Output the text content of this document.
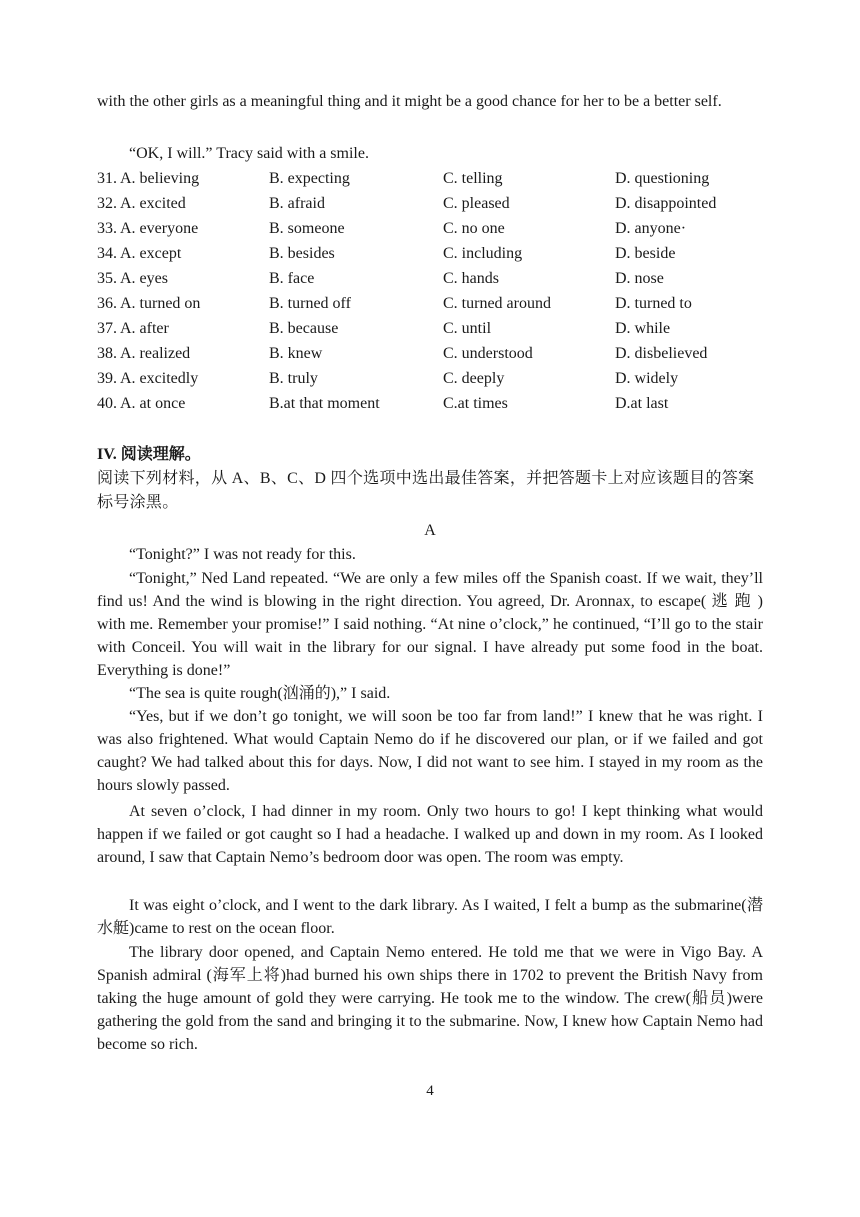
with the other girls as a meaningful thing and it might be a good chance for her to be a better self.

“OK, I will.” Tracy said with a smile.

31. A. believing	B. expecting	C. telling	D. questioning
32. A. excited	B. afraid	C. pleased	D. disappointed
33. A. everyone	B. someone	C. no one	D. anyone·
34. A. except	B. besides	C. including	D. beside
35. A. eyes	B. face	C. hands	D. nose
36. A. turned on	B. turned off	C. turned around	D. turned to
37. A. after	B. because	C. until	D. while
38. A. realized	B. knew	C. understood	D. disbelieved
39. A. excitedly	B. truly	C. deeply	D. widely
40. A. at once	B.at that moment	C.at times	D.at last
IV. 阅读理解。
阅读下列材料，从 A、B、C、D 四个选项中选出最佳答案，并把答题卡上对应该题目的答案标号涂黑。
A

“Tonight?” I was not ready for this.

“Tonight,” Ned Land repeated. “We are only a few miles off the Spanish coast. If we wait, they’ll find us! And the wind is blowing in the right direction. You agreed, Dr. Aronnax, to escape( 逃 跑 ) with me. Remember your promise!” I said nothing. “At nine o’clock,” he continued, “I’ll go to the stair with Conceil. You will wait in the library for our signal. I have already put some food in the boat. Everything is done!”

“The sea is quite rough(汹涌的),” I said.

“Yes, but if we don’t go tonight, we will soon be too far from land!” I knew that he was right. I was also frightened. What would Captain Nemo do if he discovered our plan, or if we failed and got caught? We had talked about this for days. Now, I did not want to see him. I stayed in my room as the hours slowly passed.

At seven o’clock, I had dinner in my room. Only two hours to go! I kept thinking what would happen if we failed or got caught so I had a headache. I walked up and down in my room. As I looked around, I saw that Captain Nemo’s bedroom door was open. The room was empty.

It was eight o’clock, and I went to the dark library. As I waited, I felt a bump as the submarine(潜水艇)came to rest on the ocean floor.

The library door opened, and Captain Nemo entered. He told me that we were in Vigo Bay. A Spanish admiral (海军上将)had burned his own ships there in 1702 to prevent the British Navy from taking the huge amount of gold they were carrying. He took me to the window. The crew(船员)were gathering the gold from the sand and bringing it to the submarine. Now, I knew how Captain Nemo had become so rich.

4
